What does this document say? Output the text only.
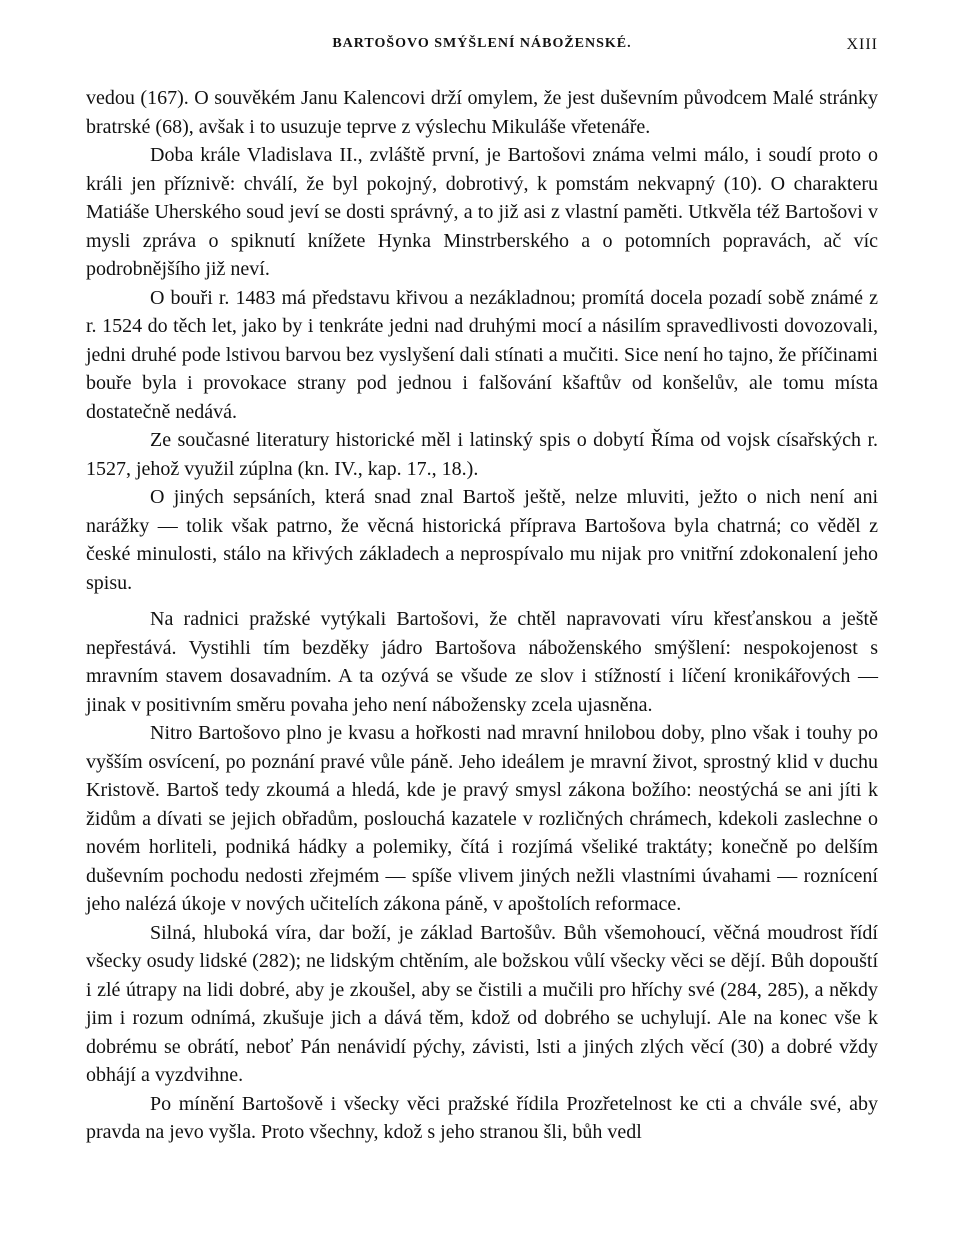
BARTOŠOVO SMÝŠLENÍ NÁBOŽENSKÉ.	XIII

vedou (167). O souvěkém Janu Kalencovi drží omylem, že jest duševním původcem Malé stránky bratrské (68), avšak i to usuzuje teprve z výslechu Mikuláše vřetenáře.

Doba krále Vladislava II., zvláště první, je Bartošovi známa velmi málo, i soudí proto o králi jen příznivě: chválí, že byl pokojný, dobrotivý, k pomstám nekvapný (10). O charakteru Matiáše Uherského soud jeví se dosti správný, a to již asi z vlastní paměti. Utkvěla též Bartošovi v mysli zpráva o spiknutí knížete Hynka Minstrberského a o potomních popravách, ač víc podrobnějšího již neví.

O bouři r. 1483 má představu křivou a nezákladnou; promítá docela pozadí sobě známé z r. 1524 do těch let, jako by i tenkráte jedni nad druhými mocí a násilím spravedlivosti dovozovali, jedni druhé pode lstivou barvou bez vyslyšení dali stínati a mučiti. Sice není ho tajno, že příčinami bouře byla i provokace strany pod jednou i falšování kšaftův od konšelův, ale tomu místa dostatečně nedává.

Ze současné literatury historické měl i latinský spis o dobytí Říma od vojsk císařských r. 1527, jehož využil zúplna (kn. IV., kap. 17., 18.).

O jiných sepsáních, která snad znal Bartoš ještě, nelze mluviti, ježto o nich není ani narážky — tolik však patrno, že věcná historická příprava Bartošova byla chatrná; co věděl z české minulosti, stálo na křivých základech a neprospívalo mu nijak pro vnitřní zdokonalení jeho spisu.

Na radnici pražské vytýkali Bartošovi, že chtěl napravovati víru křesťanskou a ještě nepřestává. Vystihli tím bezděky jádro Bartošova náboženského smýšlení: nespokojenost s mravním stavem dosavadním. A ta ozývá se všude ze slov i stížností i líčení kronikářových — jinak v positivním směru povaha jeho není nábožensky zcela ujasněna.

Nitro Bartošovo plno je kvasu a hořkosti nad mravní hnilobou doby, plno však i touhy po vyšším osvícení, po poznání pravé vůle páně. Jeho ideálem je mravní život, sprostný klid v duchu Kristově. Bartoš tedy zkoumá a hledá, kde je pravý smysl zákona božího: neostýchá se ani jíti k židům a dívati se jejich obřadům, poslouchá kazatele v rozličných chrámech, kdekoli zaslechne o novém horliteli, podniká hádky a polemiky, čítá i rozjímá všeliké traktáty; konečně po delším duševním pochodu nedosti zřejmém — spíše vlivem jiných nežli vlastními úvahami — roznícení jeho nalézá úkoje v nových učitelích zákona páně, v apoštolích reformace.

Silná, hluboká víra, dar boží, je základ Bartošův. Bůh všemohoucí, věčná moudrost řídí všecky osudy lidské (282); ne lidským chtěním, ale božskou vůlí všecky věci se dějí. Bůh dopouští i zlé útrapy na lidi dobré, aby je zkoušel, aby se čistili a mučili pro hříchy své (284, 285), a někdy jim i rozum odnímá, zkušuje jich a dává těm, kdož od dobrého se uchylují. Ale na konec vše k dobrému se obrátí, neboť Pán nenávidí pýchy, závisti, lsti a jiných zlých věcí (30) a dobré vždy obhájí a vyzdvihne.

Po mínění Bartošově i všecky věci pražské řídila Prozřetelnost ke cti a chvále své, aby pravda na jevo vyšla. Proto všechny, kdož s jeho stranou šli, bůh vedl
